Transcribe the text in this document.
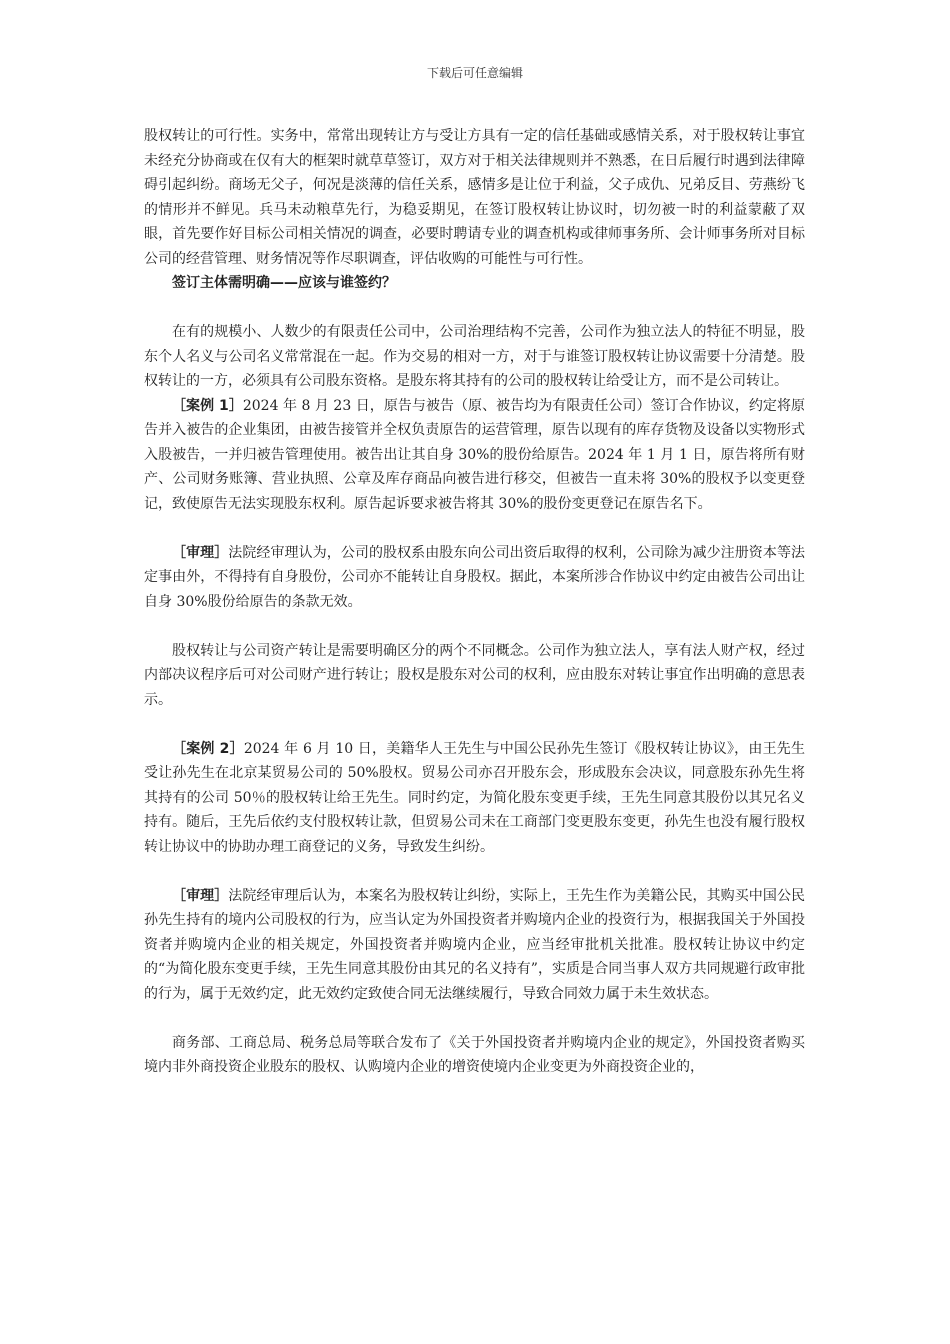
下载后可任意编辑

股权转让的可行性。实务中，常常出现转让方与受让方具有一定的信任基础或感情关系，对于股权转让事宜未经充分协商或在仅有大的框架时就草草签订，双方对于相关法律规则并不熟悉，在日后履行时遇到法律障碍引起纠纷。商场无父子，何况是淡薄的信任关系，感情多是让位于利益，父子成仇、兄弟反目、劳燕纷飞的情形并不鲜见。兵马未动粮草先行，为稳妥期见，在签订股权转让协议时，切勿被一时的利益蒙蔽了双眼，首先要作好目标公司相关情况的调查，必要时聘请专业的调查机构或律师事务所、会计师事务所对目标公司的经营管理、财务情况等作尽职调查，评估收购的可能性与可行性。

签订主体需明确——应该与谁签约？

在有的规模小、人数少的有限责任公司中，公司治理结构不完善，公司作为独立法人的特征不明显，股东个人名义与公司名义常常混在一起。作为交易的相对一方，对于与谁签订股权转让协议需要十分清楚。股权转让的一方，必须具有公司股东资格。是股东将其持有的公司的股权转让给受让方，而不是公司转让。

［案例 1］2024 年 8 月 23 日，原告与被告（原、被告均为有限责任公司）签订合作协议，约定将原告并入被告的企业集团，由被告接管并全权负责原告的运营管理，原告以现有的库存货物及设备以实物形式入股被告，一并归被告管理使用。被告出让其自身 30%的股份给原告。2024 年 1 月 1 日，原告将所有财产、公司财务账簿、营业执照、公章及库存商品向被告进行移交，但被告一直未将 30%的股权予以变更登记，致使原告无法实现股东权利。原告起诉要求被告将其 30%的股份变更登记在原告名下。

［审理］法院经审理认为，公司的股权系由股东向公司出资后取得的权利，公司除为减少注册资本等法定事由外，不得持有自身股份，公司亦不能转让自身股权。据此，本案所涉合作协议中约定由被告公司出让自身 30%股份给原告的条款无效。

股权转让与公司资产转让是需要明确区分的两个不同概念。公司作为独立法人，享有法人财产权，经过内部决议程序后可对公司财产进行转让；股权是股东对公司的权利，应由股东对转让事宜作出明确的意思表示。

［案例 2］2024 年 6 月 10 日，美籍华人王先生与中国公民孙先生签订《股权转让协议》，由王先生受让孙先生在北京某贸易公司的 50%股权。贸易公司亦召开股东会，形成股东会决议，同意股东孙先生将其持有的公司 50％的股权转让给王先生。同时约定，为简化股东变更手续，王先生同意其股份以其兄名义持有。随后，王先后依约支付股权转让款，但贸易公司未在工商部门变更股东变更，孙先生也没有履行股权转让协议中的协助办理工商登记的义务，导致发生纠纷。

［审理］法院经审理后认为，本案名为股权转让纠纷，实际上，王先生作为美籍公民，其购买中国公民孙先生持有的境内公司股权的行为，应当认定为外国投资者并购境内企业的投资行为，根据我国关于外国投资者并购境内企业的相关规定，外国投资者并购境内企业，应当经审批机关批准。股权转让协议中约定的“为简化股东变更手续，王先生同意其股份由其兄的名义持有”，实质是合同当事人双方共同规避行政审批的行为，属于无效约定，此无效约定致使合同无法继续履行，导致合同效力属于未生效状态。

商务部、工商总局、税务总局等联合发布了《关于外国投资者并购境内企业的规定》，外国投资者购买境内非外商投资企业股东的股权、认购境内企业的增资使境内企业变更为外商投资企业的，
